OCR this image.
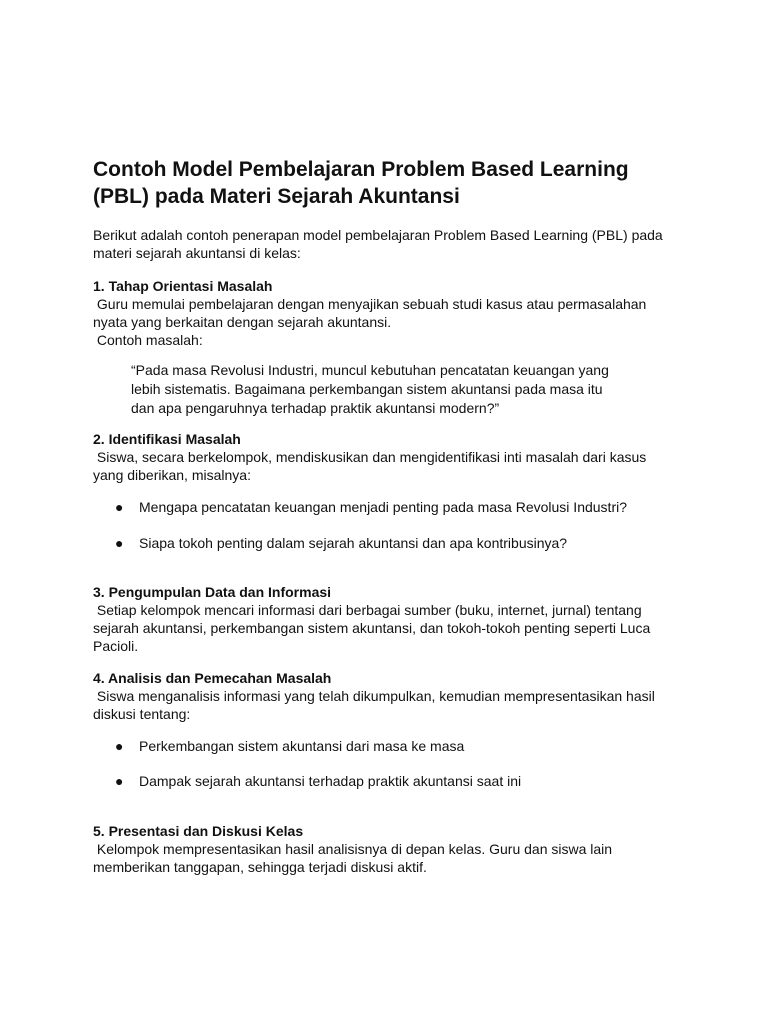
Contoh Model Pembelajaran Problem Based Learning
(PBL) pada Materi Sejarah Akuntansi

Berikut adalah contoh penerapan model pembelajaran Problem Based Learning (PBL) pada
materi sejarah akuntansi di kelas:

1. Tahap Orientasi Masalah

Guru memulai pembelajaran dengan menyajikan sebuah studi kasus atau permasalahan
nyata yang berkaitan dengan sejarah akuntansi.
Contoh masalah:

“Pada masa Revolusi Industri, muncul kebutuhan pencatatan keuangan yang
lebih sistematis. Bagaimana perkembangan sistem akuntansi pada masa itu
dan apa pengaruhnya terhadap praktik akuntansi modern?”

2. Identifikasi Masalah

Siswa, secara berkelompok, mendiskusikan dan mengidentifikasi inti masalah dari kasus
yang diberikan, misalnya:

● Mengapa pencatatan keuangan menjadi penting pada masa Revolusi Industri?

● Siapa tokoh penting dalam sejarah akuntansi dan apa kontribusinya?

3. Pengumpulan Data dan Informasi

Setiap kelompok mencari informasi dari berbagai sumber (buku, internet, jurnal) tentang
sejarah akuntansi, perkembangan sistem akuntansi, dan tokoh-tokoh penting seperti Luca
Pacioli.

4. Analisis dan Pemecahan Masalah

Siswa menganalisis informasi yang telah dikumpulkan, kemudian mempresentasikan hasil
diskusi tentang:

● Perkembangan sistem akuntansi dari masa ke masa

● Dampak sejarah akuntansi terhadap praktik akuntansi saat ini

5. Presentasi dan Diskusi Kelas

Kelompok mempresentasikan hasil analisisnya di depan kelas. Guru dan siswa lain
memberikan tanggapan, sehingga terjadi diskusi aktif.
